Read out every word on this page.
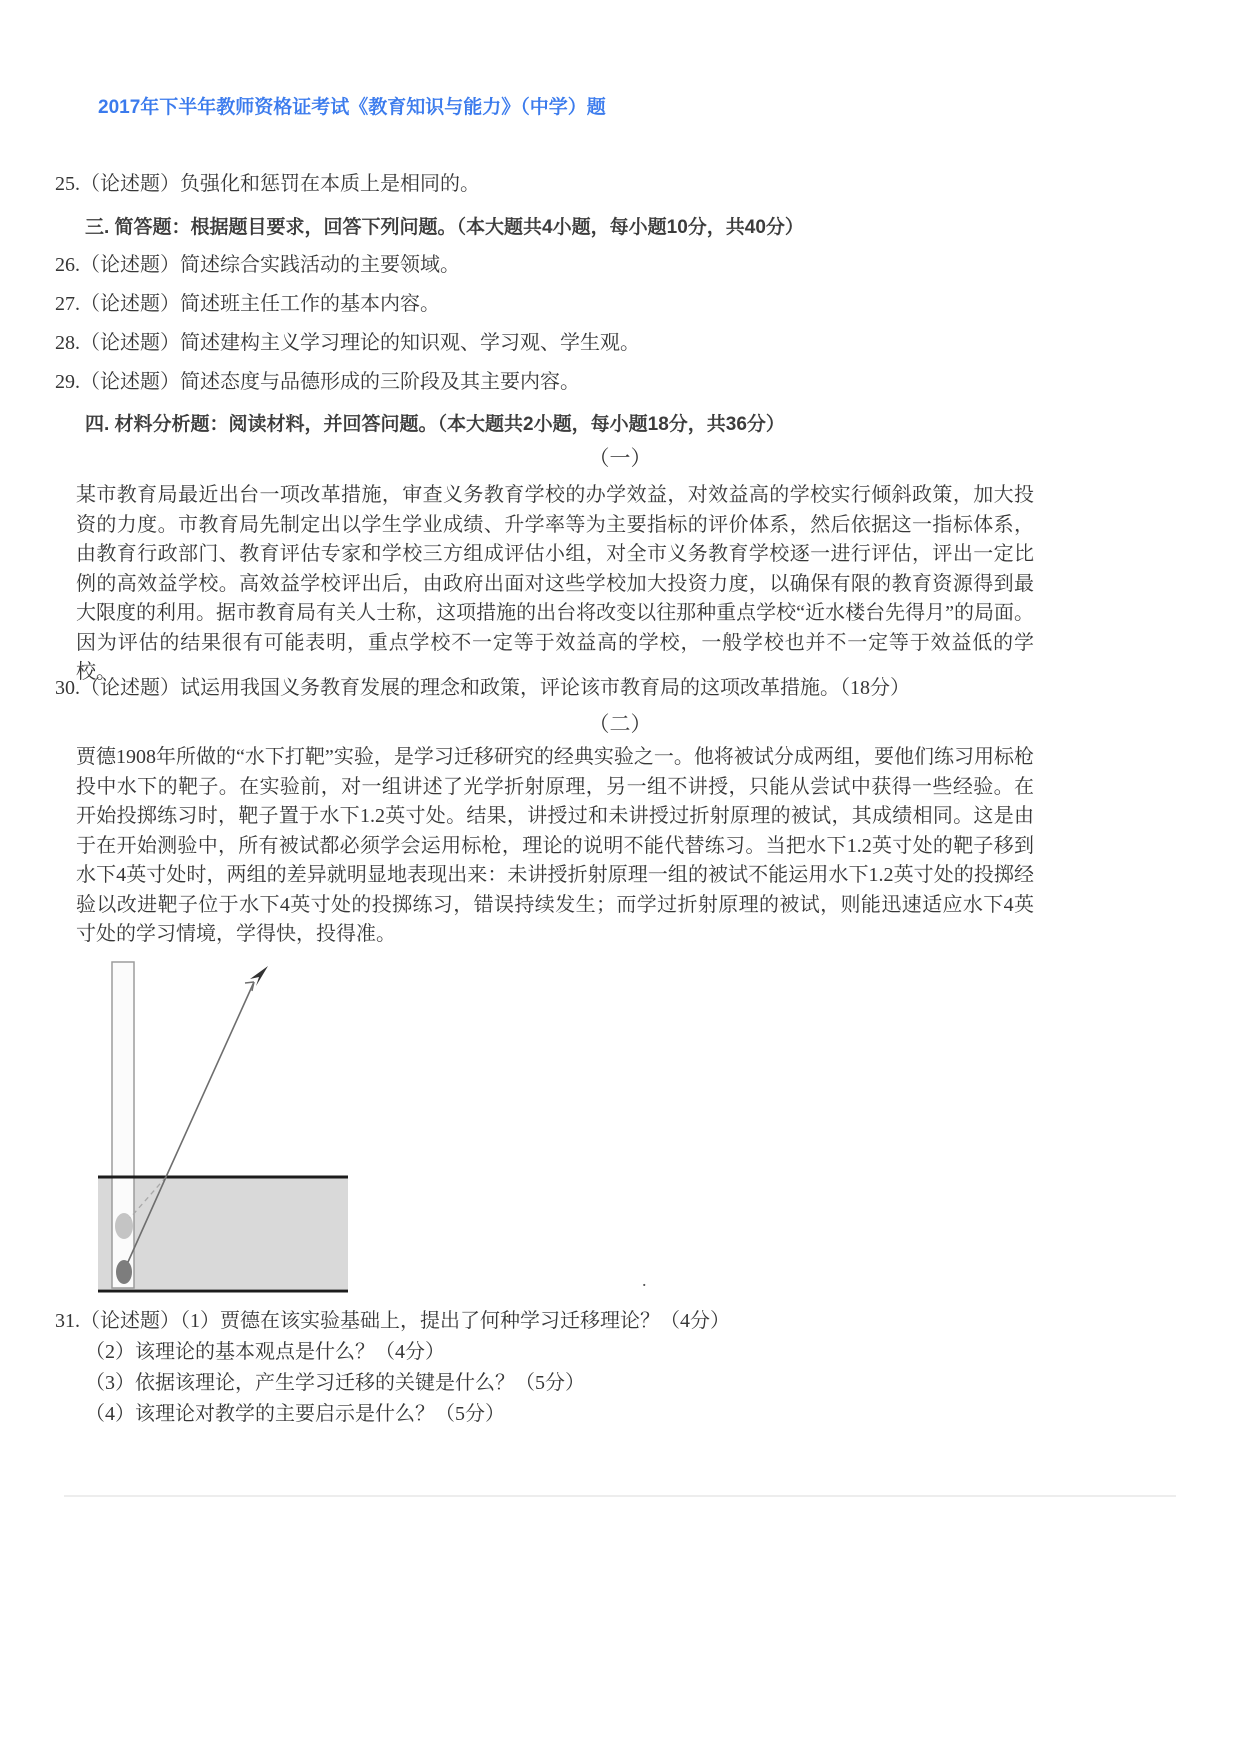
2017年下半年教师资格证考试《教育知识与能力》（中学）题
25.（论述题）负强化和惩罚在本质上是相同的。
三. 简答题：根据题目要求，回答下列问题。（本大题共4小题，每小题10分，共40分）
26.（论述题）简述综合实践活动的主要领域。
27.（论述题）简述班主任工作的基本内容。
28.（论述题）简述建构主义学习理论的知识观、学习观、学生观。
29.（论述题）简述态度与品德形成的三阶段及其主要内容。
四. 材料分析题：阅读材料，并回答问题。（本大题共2小题，每小题18分，共36分）
（一）
某市教育局最近出台一项改革措施，审查义务教育学校的办学效益，对效益高的学校实行倾斜政策，加大投资的力度。市教育局先制定出以学生学业成绩、升学率等为主要指标的评价体系，然后依据这一指标体系，由教育行政部门、教育评估专家和学校三方组成评估小组，对全市义务教育学校逐一进行评估，评出一定比例的高效益学校。高效益学校评出后，由政府出面对这些学校加大投资力度，以确保有限的教育资源得到最大限度的利用。据市教育局有关人士称，这项措施的出台将改变以往那种重点学校“近水楼台先得月”的局面。因为评估的结果很有可能表明，重点学校不一定等于效益高的学校，一般学校也并不一定等于效益低的学校。
30.（论述题）试运用我国义务教育发展的理念和政策，评论该市教育局的这项改革措施。（18分）
（二）
贾德1908年所做的“水下打靶”实验，是学习迁移研究的经典实验之一。他将被试分成两组，要他们练习用标枪投中水下的靶子。在实验前，对一组讲述了光学折射原理，另一组不讲授，只能从尝试中获得一些经验。在开始投掷练习时，靶子置于水下1.2英寸处。结果，讲授过和未讲授过折射原理的被试，其成绩相同。这是由于在开始测验中，所有被试都必须学会运用标枪，理论的说明不能代替练习。当把水下1.2英寸处的靶子移到水下4英寸处时，两组的差异就明显地表现出来：未讲授折射原理一组的被试不能运用水下1.2英寸处的投掷经验以改进靶子位于水下4英寸处的投掷练习，错误持续发生；而学过折射原理的被试，则能迅速适应水下4英寸处的学习情境，学得快，投得准。
.
31.（论述题）（1）贾德在该实验基础上，提出了何种学习迁移理论？（4分）
（2）该理论的基本观点是什么？（4分）
（3）依据该理论，产生学习迁移的关键是什么？（5分）
（4）该理论对教学的主要启示是什么？（5分）
